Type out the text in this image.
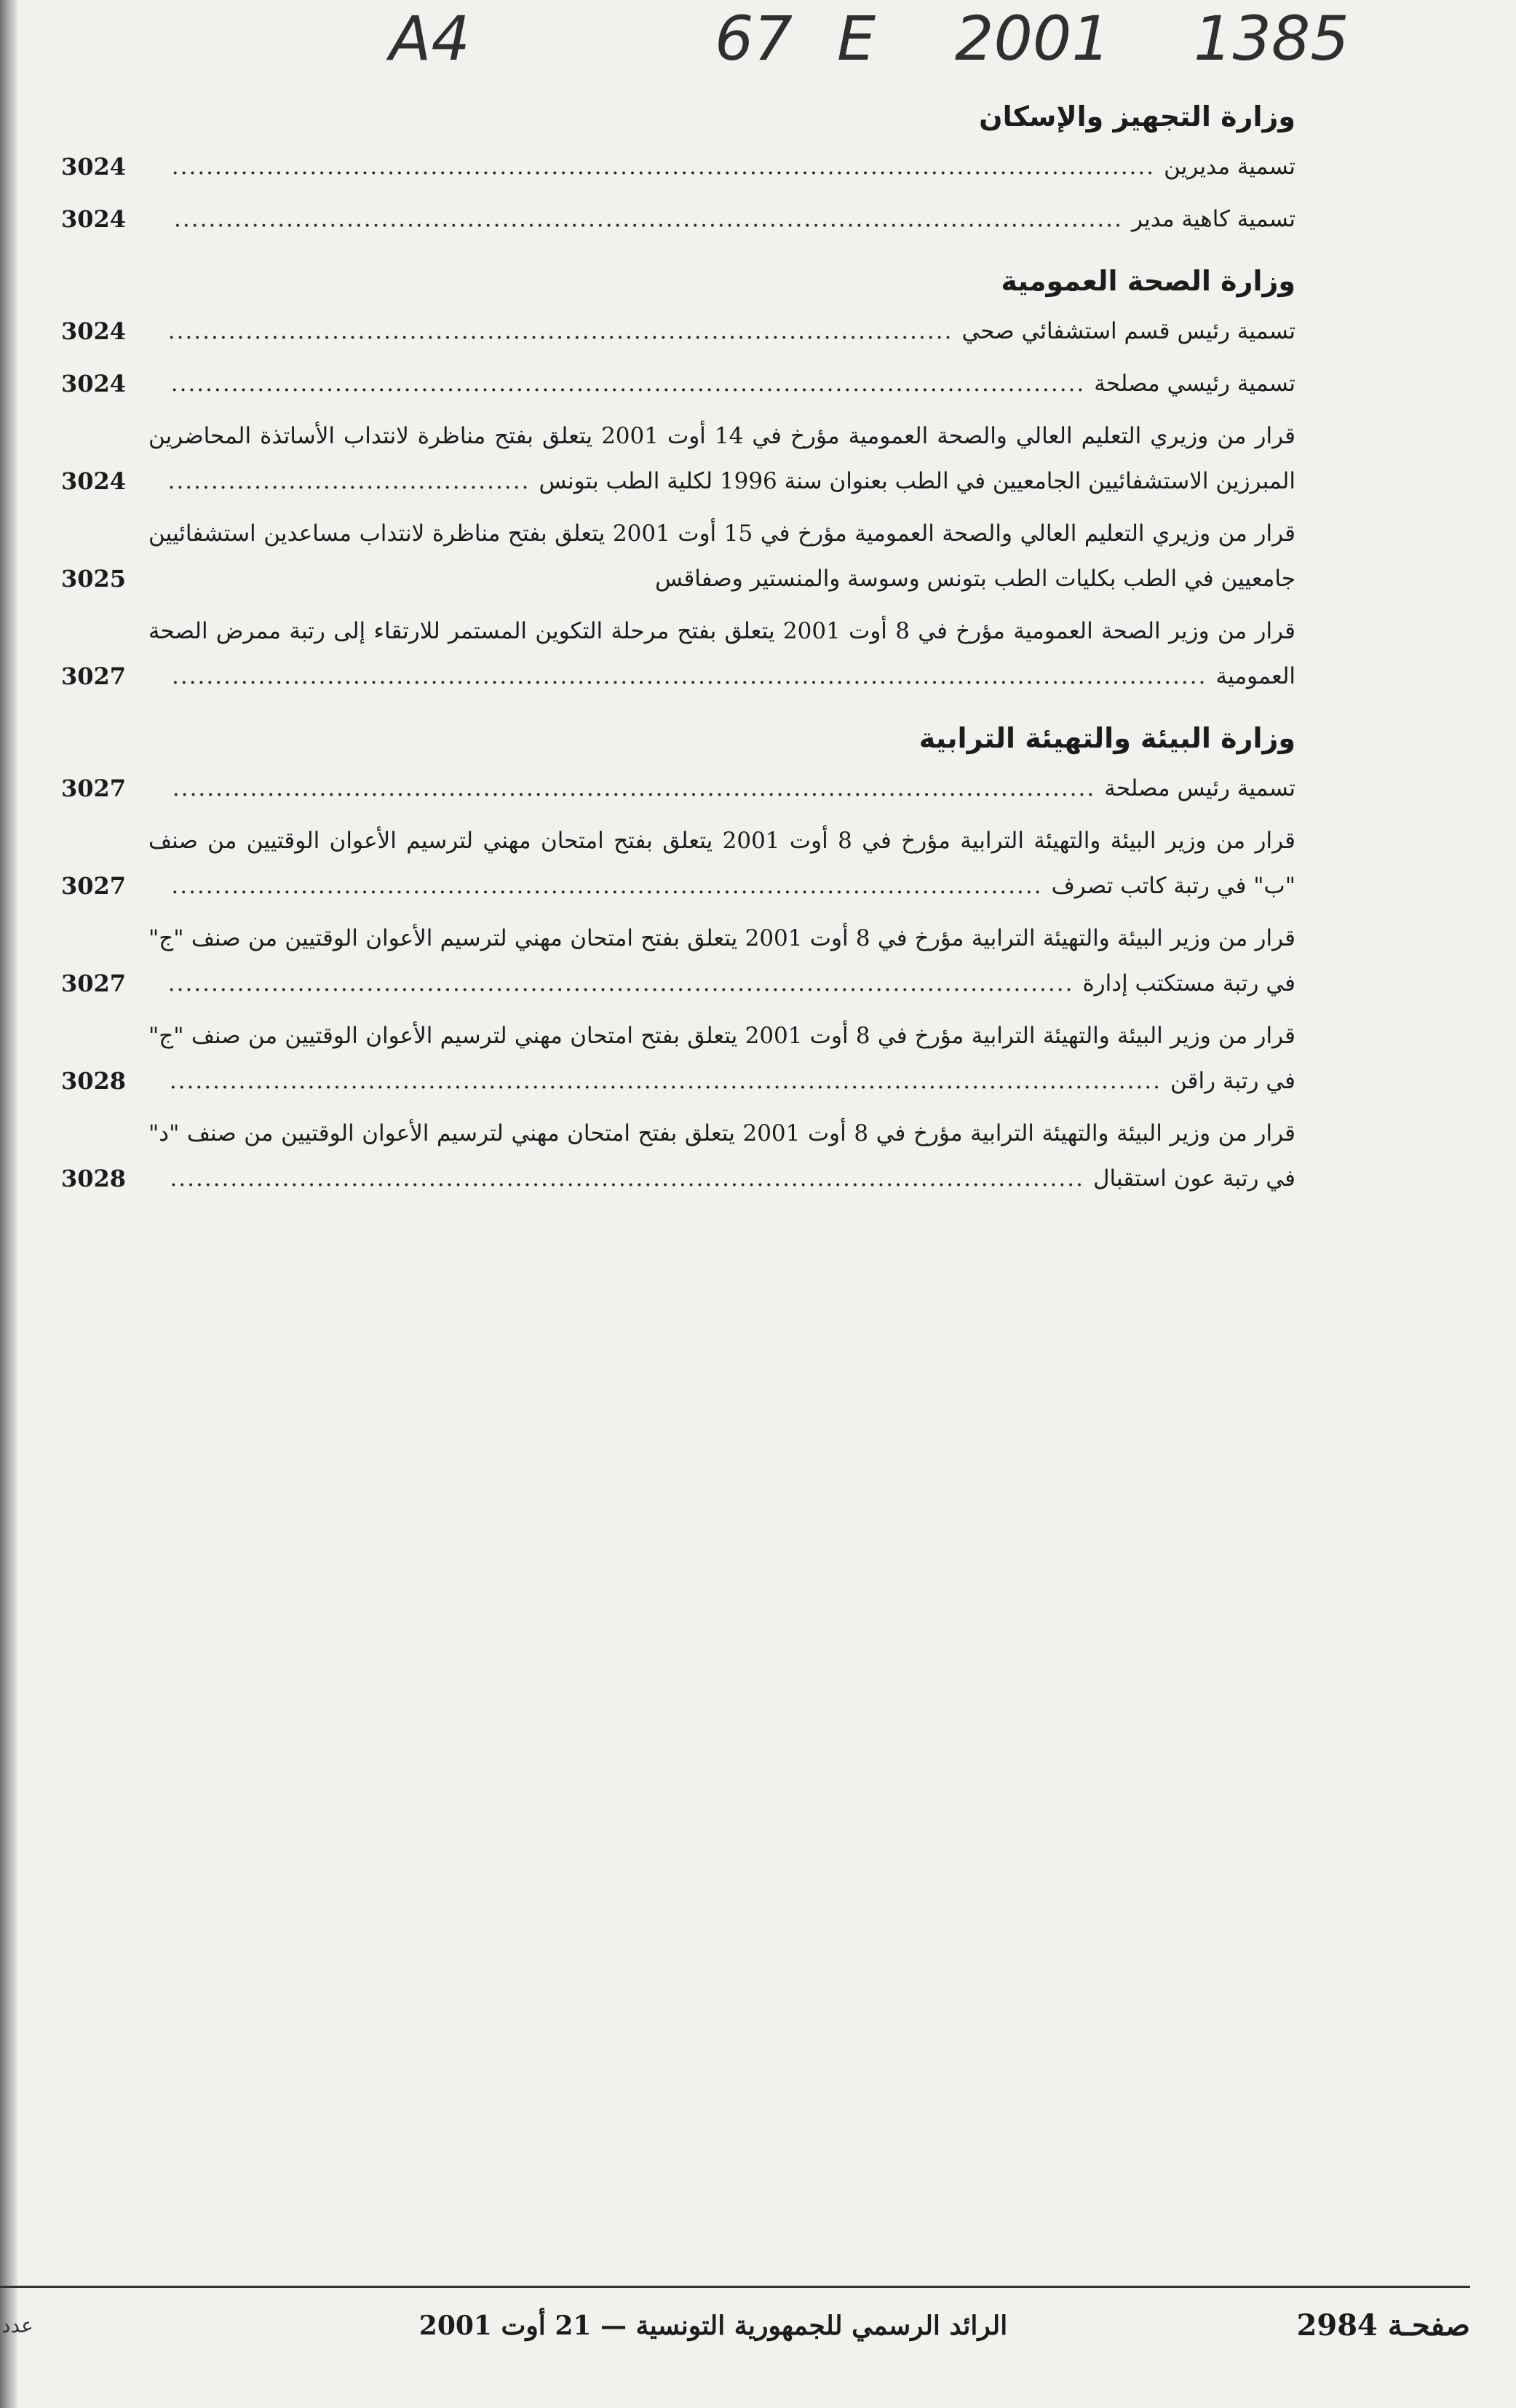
A4	67 E 2001 1385
وزارة التجهيز والإسكان
تسمية مديرين..................................................................................................................
3024
تسمية كاهية مدير..............................................................................................................
3024
وزارة الصحة العمومية
تسمية رئيس قسم استشفائي صحي...........................................................................................
3024
تسمية رئيسي مصلحة..........................................................................................................
3024
قرار من وزيري التعليم العالي والصحة العمومية مؤرخ في 14 أوت 2001 يتعلق بفتح مناظرة لانتداب الأساتذة المحاضرين المبرزين الاستشفائيين الجامعيين في الطب بعنوان سنة 1996 لكلية الطب بتونس..........................................
3024
قرار من وزيري التعليم العالي والصحة العمومية مؤرخ في 15 أوت 2001 يتعلق بفتح مناظرة لانتداب مساعدين استشفائيين جامعيين في الطب بكليات الطب بتونس وسوسة والمنستير وصفاقس
3025
قرار من وزير الصحة العمومية مؤرخ في 8 أوت 2001 يتعلق بفتح مرحلة التكوين المستمر للارتقاء إلى رتبة ممرض الصحة العمومية........................................................................................................................
3027
وزارة البيئة والتهيئة الترابية
تسمية رئيس مصلحة...........................................................................................................
3027
قرار من وزير البيئة والتهيئة الترابية مؤرخ في 8 أوت 2001 يتعلق بفتح امتحان مهني لترسيم الأعوان الوقتيين من صنف "ب" في رتبة كاتب تصرف.....................................................................................................
3027
قرار من وزير البيئة والتهيئة الترابية مؤرخ في 8 أوت 2001 يتعلق بفتح امتحان مهني لترسيم الأعوان الوقتيين من صنف "ج" في رتبة مستكتب إدارة.........................................................................................................
3027
قرار من وزير البيئة والتهيئة الترابية مؤرخ في 8 أوت 2001 يتعلق بفتح امتحان مهني لترسيم الأعوان الوقتيين من صنف "ج" في رتبة راقن...................................................................................................................
3028
قرار من وزير البيئة والتهيئة الترابية مؤرخ في 8 أوت 2001 يتعلق بفتح امتحان مهني لترسيم الأعوان الوقتيين من صنف "د" في رتبة عون استقبال..........................................................................................................
3028
صفحـة 2984
الرائد الرسمي للجمهورية التونسية — 21 أوت 2001
عدد
